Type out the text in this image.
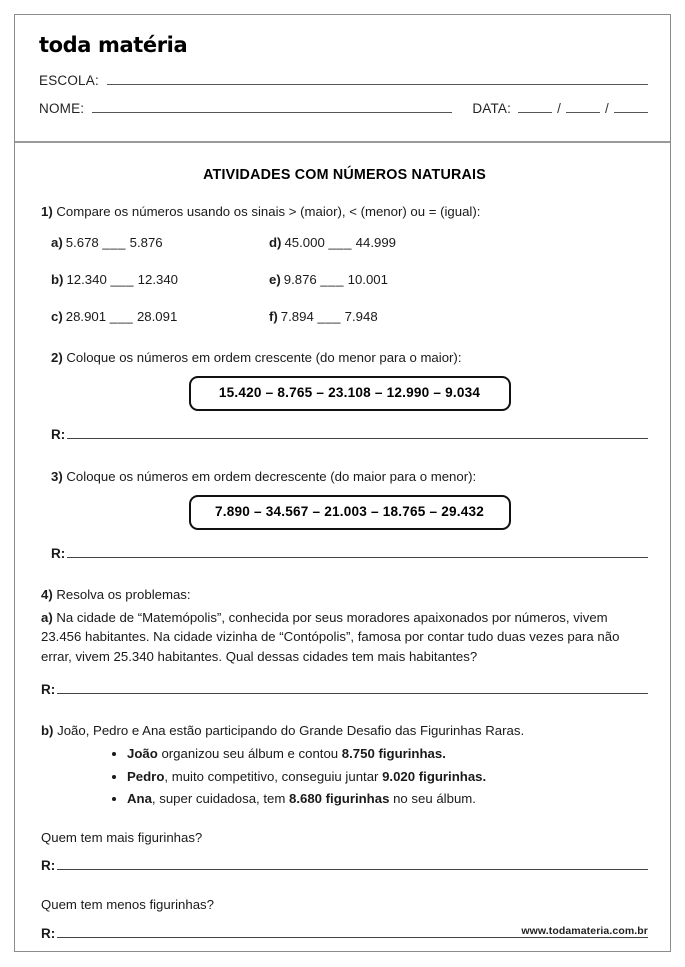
toda matéria
ESCOLA:
NOME:	DATA:	/	/
ATIVIDADES COM NÚMEROS NATURAIS

1) Compare os números usando os sinais > (maior), < (menor) ou = (igual):

a) 5.678 ___ 5.876	d) 45.000 ___ 44.999
b) 12.340 ___ 12.340	e) 9.876 ___ 10.001
c) 28.901 ___ 28.091	f) 7.894 ___ 7.948

2) Coloque os números em ordem crescente (do menor para o maior):

15.420 – 8.765 – 23.108 – 12.990 – 9.034
R:

3) Coloque os números em ordem decrescente (do maior para o menor):

7.890 – 34.567 – 21.003 – 18.765 – 29.432
R:

4) Resolva os problemas:

a) Na cidade de “Matemópolis”, conhecida por seus moradores apaixonados por números, vivem 23.456 habitantes. Na cidade vizinha de “Contópolis”, famosa por contar tudo duas vezes para não errar, vivem 25.340 habitantes. Qual dessas cidades tem mais habitantes?

R:

b) João, Pedro e Ana estão participando do Grande Desafio das Figurinhas Raras.

• João organizou seu álbum e contou 8.750 figurinhas.
• Pedro, muito competitivo, conseguiu juntar 9.020 figurinhas.
• Ana, super cuidadosa, tem 8.680 figurinhas no seu álbum.

Quem tem mais figurinhas?

R:

Quem tem menos figurinhas?

R:	www.todamateria.com.br
